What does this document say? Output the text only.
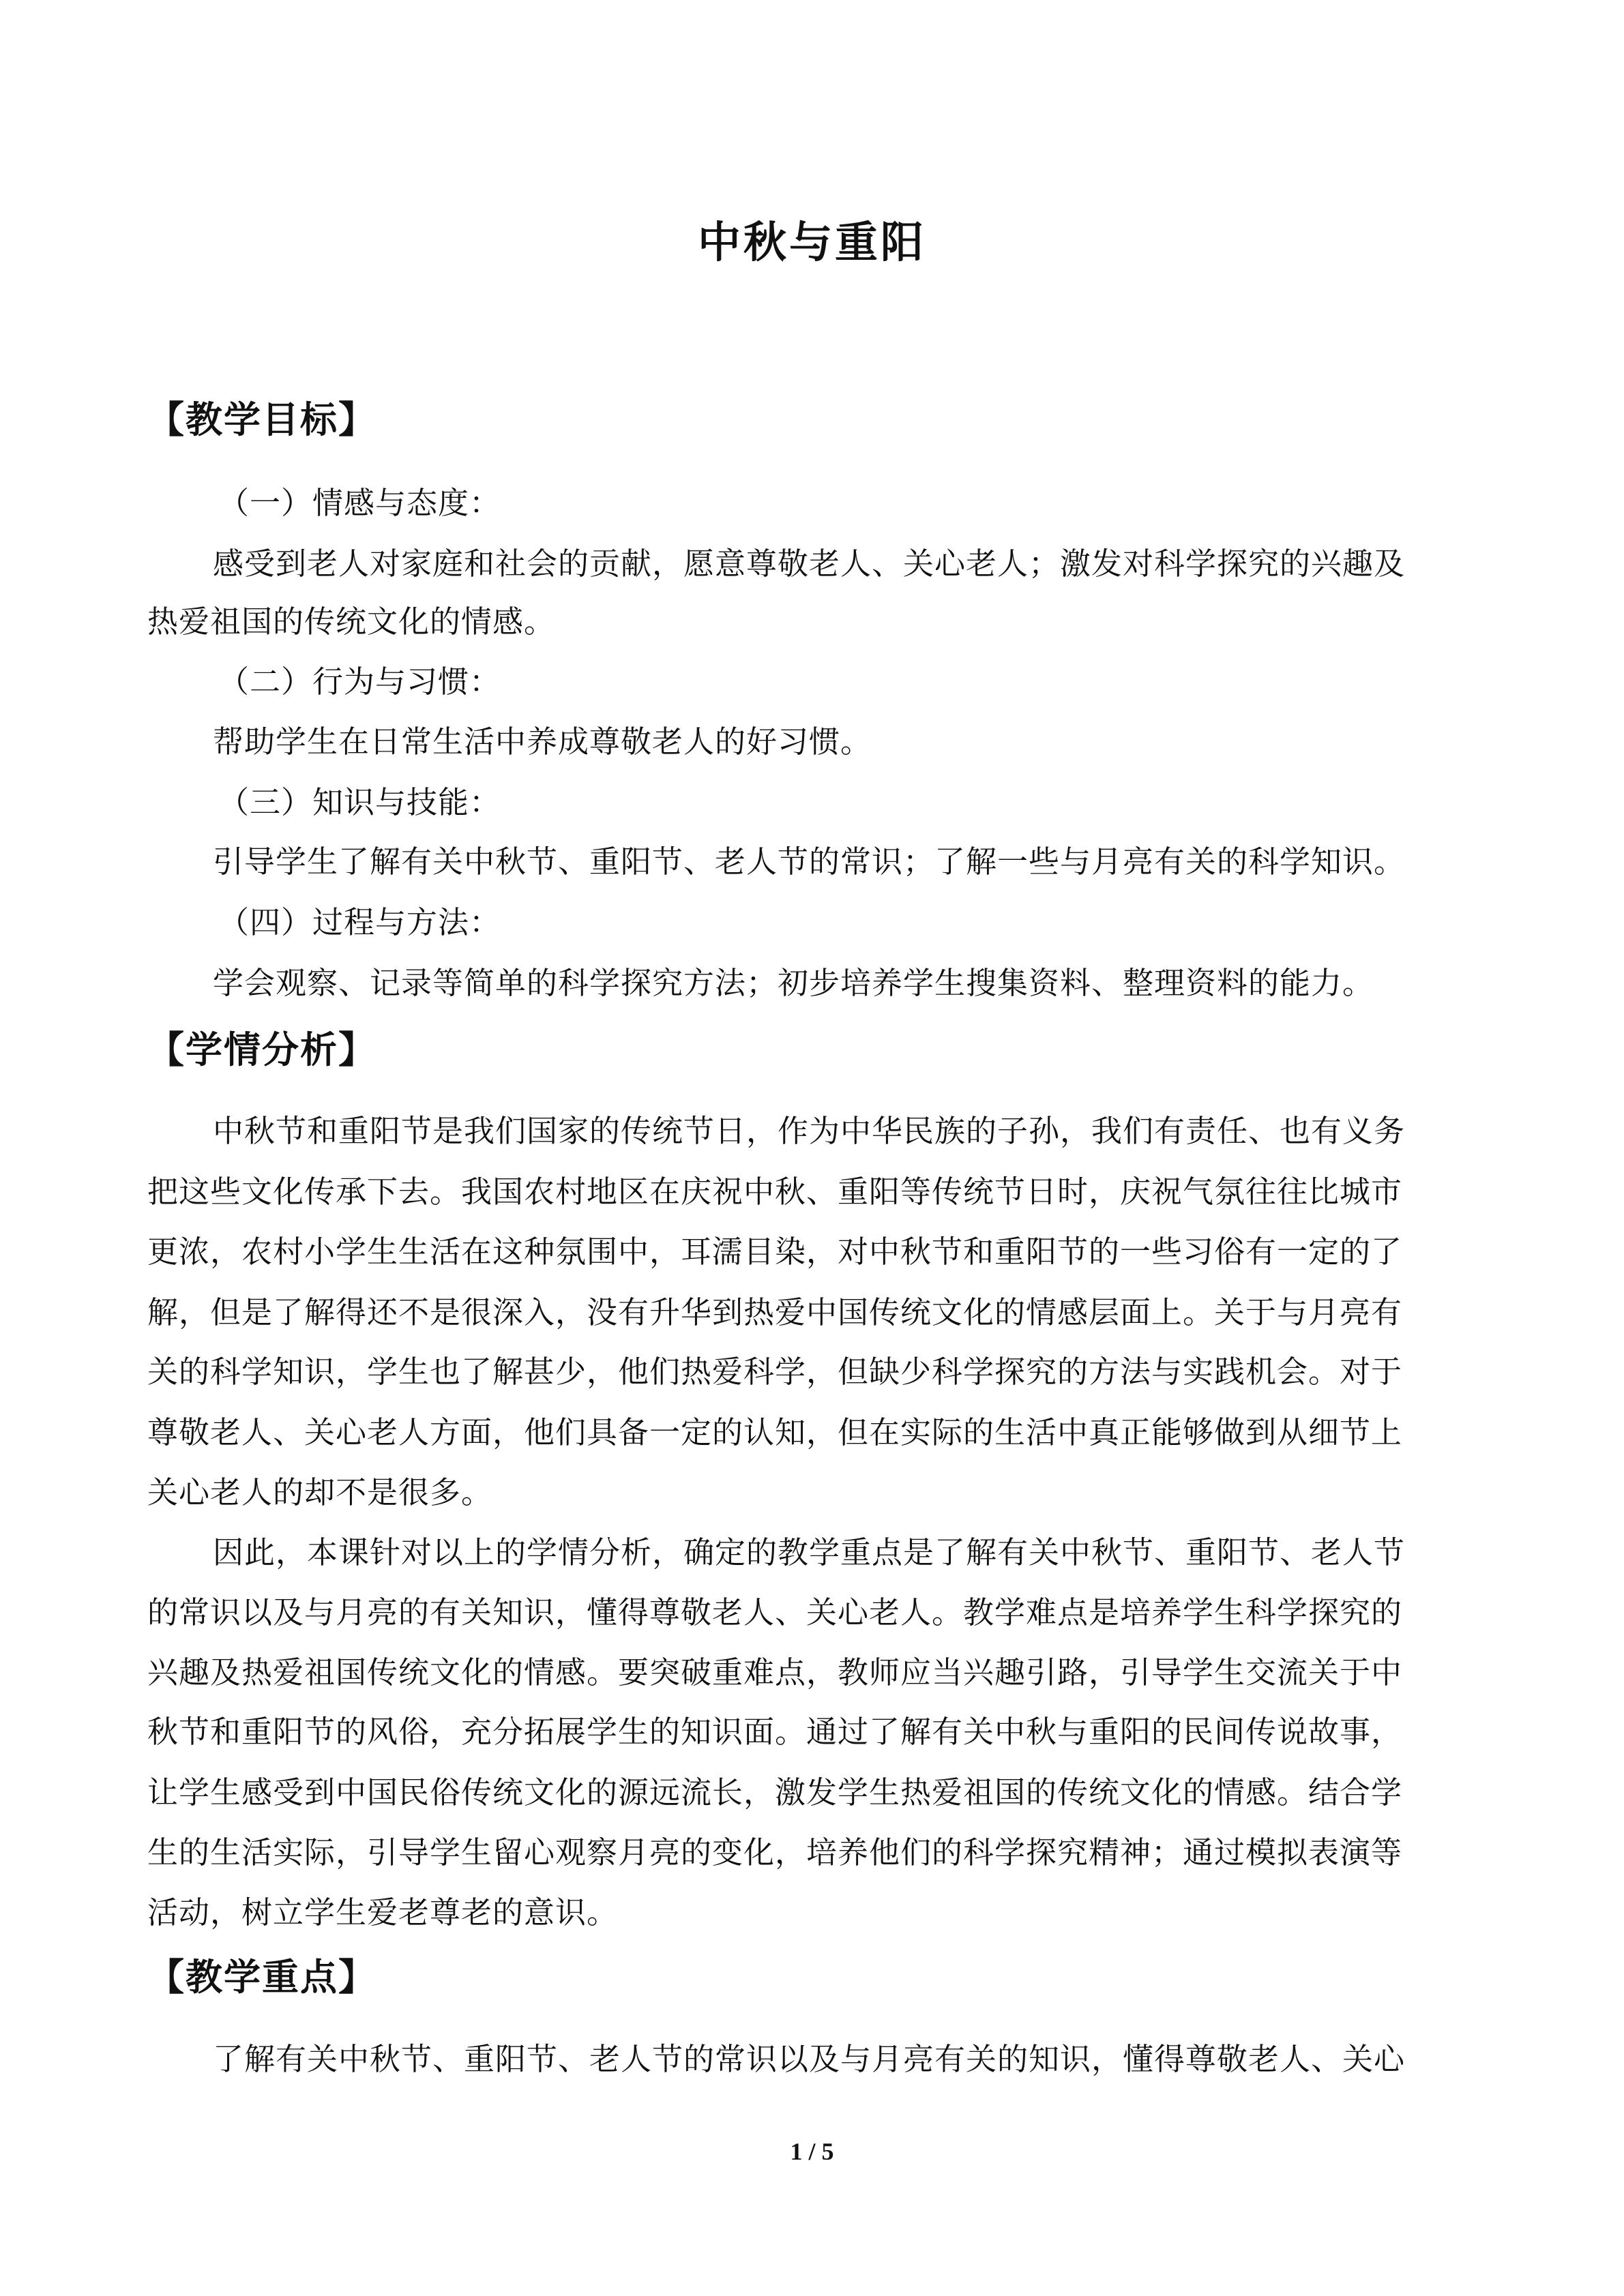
中秋与重阳
【教学目标】
（一）情感与态度：
感受到老人对家庭和社会的贡献，愿意尊敬老人、关心老人；激发对科学探究的兴趣及
热爱祖国的传统文化的情感。
（二）行为与习惯：
帮助学生在日常生活中养成尊敬老人的好习惯。
（三）知识与技能：
引导学生了解有关中秋节、重阳节、老人节的常识；了解一些与月亮有关的科学知识。
（四）过程与方法：
学会观察、记录等简单的科学探究方法；初步培养学生搜集资料、整理资料的能力。
【学情分析】
中秋节和重阳节是我们国家的传统节日，作为中华民族的子孙，我们有责任、也有义务
把这些文化传承下去。我国农村地区在庆祝中秋、重阳等传统节日时，庆祝气氛往往比城市
更浓，农村小学生生活在这种氛围中，耳濡目染，对中秋节和重阳节的一些习俗有一定的了
解，但是了解得还不是很深入，没有升华到热爱中国传统文化的情感层面上。关于与月亮有
关的科学知识，学生也了解甚少，他们热爱科学，但缺少科学探究的方法与实践机会。对于
尊敬老人、关心老人方面，他们具备一定的认知，但在实际的生活中真正能够做到从细节上
关心老人的却不是很多。
因此，本课针对以上的学情分析，确定的教学重点是了解有关中秋节、重阳节、老人节
的常识以及与月亮的有关知识，懂得尊敬老人、关心老人。教学难点是培养学生科学探究的
兴趣及热爱祖国传统文化的情感。要突破重难点，教师应当兴趣引路，引导学生交流关于中
秋节和重阳节的风俗，充分拓展学生的知识面。通过了解有关中秋与重阳的民间传说故事，
让学生感受到中国民俗传统文化的源远流长，激发学生热爱祖国的传统文化的情感。结合学
生的生活实际，引导学生留心观察月亮的变化，培养他们的科学探究精神；通过模拟表演等
活动，树立学生爱老尊老的意识。
【教学重点】
了解有关中秋节、重阳节、老人节的常识以及与月亮有关的知识，懂得尊敬老人、关心
1 / 5
